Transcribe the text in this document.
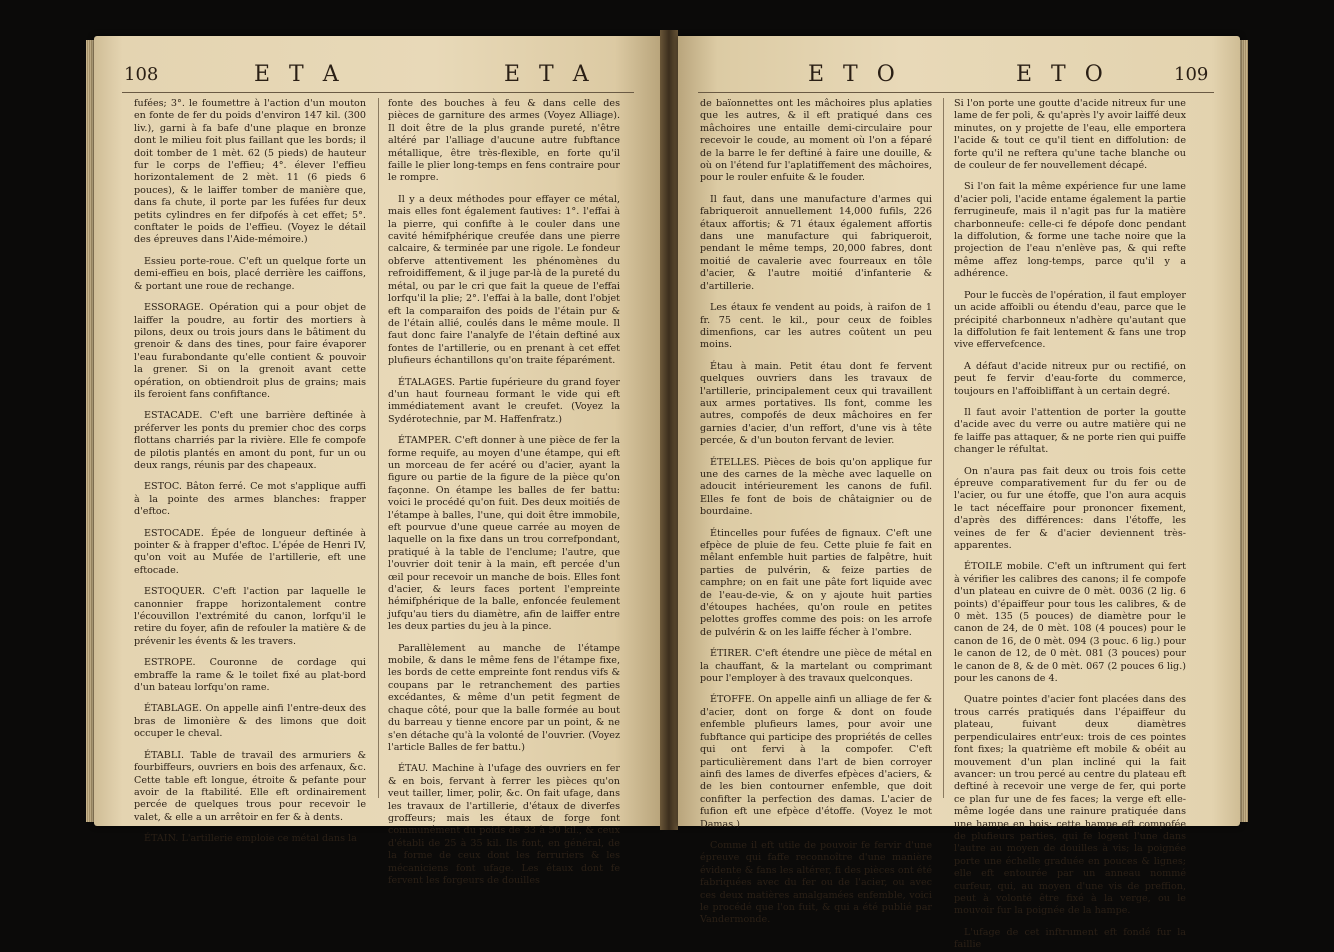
108	E T A	E T A

fufées; 3°. le foumettre à l'action d'un mouton en fonte de fer du poids d'environ 147 kil. (300 liv.), garni à fa bafe d'une plaque en bronze dont le milieu foit plus faillant que les bords; il doit tomber de 1 mèt. 62 (5 pieds) de hauteur fur le corps de l'effieu; 4°. élever l'effieu horizontalement de 2 mèt. 11 (6 pieds 6 pouces), & le laiffer tomber de manière que, dans fa chute, il porte par les fufées fur deux petits cylindres en fer difpofés à cet effet; 5°. conftater le poids de l'effieu. (Voyez le détail des épreuves dans l'Aide-mémoire.)

Essieu porte-roue. C'eft un quelque forte un demi-effieu en bois, placé derrière les caiffons, & portant une roue de rechange.

ESSORAGE. Opération qui a pour objet de laiffer la poudre, au fortir des mortiers à pilons, deux ou trois jours dans le bâtiment du grenoir & dans des tines, pour faire évaporer l'eau furabondante qu'elle contient & pouvoir la grener. Si on la grenoit avant cette opération, on obtiendroit plus de grains; mais ils feroient fans confiftance.

ESTACADE. C'eft une barrière deftinée à préferver les ponts du premier choc des corps flottans charriés par la rivière. Elle fe compofe de pilotis plantés en amont du pont, fur un ou deux rangs, réunis par des chapeaux.

ESTOC. Bâton ferré. Ce mot s'applique auffi à la pointe des armes blanches: frapper d'eftoc.

ESTOCADE. Épée de longueur deftinée à pointer & à frapper d'eftoc. L'épée de Henri IV, qu'on voit au Mufée de l'artillerie, eft une eftocade.

ESTOQUER. C'eft l'action par laquelle le canonnier frappe horizontalement contre l'écouvillon l'extrémité du canon, lorfqu'il le retire du foyer, afin de refouler la matière & de prévenir les évents & les travers.

ESTROPE. Couronne de cordage qui embraffe la rame & le toilet fixé au plat-bord d'un bateau lorfqu'on rame.

ÉTABLAGE. On appelle ainfi l'entre-deux des bras de limonière & des limons que doit occuper le cheval.

ÉTABLI. Table de travail des armuriers & fourbiffeurs, ouvriers en bois des arfenaux, &c. Cette table eft longue, étroite & pefante pour avoir de la ftabilité. Elle eft ordinairement percée de quelques trous pour recevoir le valet, & elle a un arrêtoir en fer & à dents.

ÉTAIN. L'artillerie emploie ce métal dans la

fonte des bouches à feu & dans celle des pièces de garniture des armes (Voyez Alliage). Il doit être de la plus grande pureté, n'être altéré par l'alliage d'aucune autre fubftance métallique, être très-flexible, en forte qu'il faille le plier long-temps en fens contraire pour le rompre.

Il y a deux méthodes pour effayer ce métal, mais elles font également fautives: 1°. l'effai à la pierre, qui confifte à le couler dans une cavité hémifphérique creufée dans une pierre calcaire, & terminée par une rigole. Le fondeur obferve attentivement les phénomènes du refroidiffement, & il juge par-là de la pureté du métal, ou par le cri que fait la queue de l'effai lorfqu'il la plie; 2°. l'effai à la balle, dont l'objet eft la comparaifon des poids de l'étain pur & de l'étain allié, coulés dans le même moule. Il faut donc faire l'analyfe de l'étain deftiné aux fontes de l'artillerie, ou en prenant à cet effet plufieurs échantillons qu'on traite féparément.

ÉTALAGES. Partie fupérieure du grand foyer d'un haut fourneau formant le vide qui eft immédiatement avant le creufet. (Voyez la Sydérotechnie, par M. Haffenfratz.)

ÉTAMPER. C'eft donner à une pièce de fer la forme requife, au moyen d'une étampe, qui eft un morceau de fer acéré ou d'acier, ayant la figure ou partie de la figure de la pièce qu'on façonne. On étampe les balles de fer battu: voici le procédé qu'on fuit. Des deux moitiés de l'étampe à balles, l'une, qui doit être immobile, eft pourvue d'une queue carrée au moyen de laquelle on la fixe dans un trou correfpondant, pratiqué à la table de l'enclume; l'autre, que l'ouvrier doit tenir à la main, eft percée d'un œil pour recevoir un manche de bois. Elles font d'acier, & leurs faces portent l'empreinte hémifphérique de la balle, enfoncée feulement jufqu'au tiers du diamètre, afin de laiffer entre les deux parties du jeu à la pince.

Parallèlement au manche de l'étampe mobile, & dans le même fens de l'étampe fixe, les bords de cette empreinte font rendus vifs & coupans par le retranchement des parties excédantes, & même d'un petit fegment de chaque côté, pour que la balle formée au bout du barreau y tienne encore par un point, & ne s'en détache qu'à la volonté de l'ouvrier. (Voyez l'article Balles de fer battu.)

ÉTAU. Machine à l'ufage des ouvriers en fer & en bois, fervant à ferrer les pièces qu'on veut tailler, limer, polir, &c. On fait ufage, dans les travaux de l'artillerie, d'étaux de diverfes groffeurs; mais les étaux de forge font communément du poids de 33 à 50 kil., & ceux d'établi de 25 à 35 kil. Ils font, en général, de la forme de ceux dont les ferruriers & les mécaniciens font ufage. Les étaux dont fe fervent les forgeurs de douilles

E T O	E T O	109

de baïonnettes ont les mâchoires plus aplaties que les autres, & il eft pratiqué dans ces mâchoires une entaille demi-circulaire pour recevoir le coude, au moment où l'on a féparé de la barre le fer deftiné à faire une douille, & où on l'étend fur l'aplatiffement des mâchoires, pour le rouler enfuite & le fouder.

Il faut, dans une manufacture d'armes qui fabriqueroit annuellement 14,000 fufils, 226 étaux affortis; & 71 étaux également affortis dans une manufacture qui fabriqueroit, pendant le même temps, 20,000 fabres, dont moitié de cavalerie avec fourreaux en tôle d'acier, & l'autre moitié d'infanterie & d'artillerie.

Les étaux fe vendent au poids, à raifon de 1 fr. 75 cent. le kil., pour ceux de foibles dimenfions, car les autres coûtent un peu moins.

Étau à main. Petit étau dont fe fervent quelques ouvriers dans les travaux de l'artillerie, principalement ceux qui travaillent aux armes portatives. Ils font, comme les autres, compofés de deux mâchoires en fer garnies d'acier, d'un reffort, d'une vis à tête percée, & d'un bouton fervant de levier.

ÉTELLES. Pièces de bois qu'on applique fur une des carnes de la mèche avec laquelle on adoucit intérieurement les canons de fufil. Elles fe font de bois de châtaignier ou de bourdaine.

Étincelles pour fufées de fignaux. C'eft une efpèce de pluie de feu. Cette pluie fe fait en mêlant enfemble huit parties de falpêtre, huit parties de pulvérin, & feize parties de camphre; on en fait une pâte fort liquide avec de l'eau-de-vie, & on y ajoute huit parties d'étoupes hachées, qu'on roule en petites pelottes groffes comme des pois: on les arrofe de pulvérin & on les laiffe fécher à l'ombre.

ÉTIRER. C'eft étendre une pièce de métal en la chauffant, & la martelant ou comprimant pour l'employer à des travaux quelconques.

ÉTOFFE. On appelle ainfi un alliage de fer & d'acier, dont on forge & dont on foude enfemble plufieurs lames, pour avoir une fubftance qui participe des propriétés de celles qui ont fervi à la compofer. C'eft particulièrement dans l'art de bien corroyer ainfi des lames de diverfes efpèces d'aciers, & de les bien contourner enfemble, que doit confifter la perfection des damas. L'acier de fufion eft une efpèce d'étoffe. (Voyez le mot Damas.)

Comme il eft utile de pouvoir fe fervir d'une épreuve qui faffe reconnoître d'une manière évidente & fans les altérer, fi des pièces ont été fabriquées avec du fer ou de l'acier, ou avec ces deux matières amalgamées enfemble, voici le procédé que l'on fuit, & qui a été publié par Vandermonde.

Si l'on porte une goutte d'acide nitreux fur une lame de fer poli, & qu'après l'y avoir laiffé deux minutes, on y projette de l'eau, elle emportera l'acide & tout ce qu'il tient en diffolution: de forte qu'il ne reftera qu'une tache blanche ou de couleur de fer nouvellement décapé.

Si l'on fait la même expérience fur une lame d'acier poli, l'acide entame également la partie ferrugineufe, mais il n'agit pas fur la matière charbonneufe: celle-ci fe dépofe donc pendant la diffolution, & forme une tache noire que la projection de l'eau n'enlève pas, & qui refte même affez long-temps, parce qu'il y a adhérence.

Pour le fuccès de l'opération, il faut employer un acide affoibli ou étendu d'eau, parce que le précipité charbonneux n'adhère qu'autant que la diffolution fe fait lentement & fans une trop vive effervefcence.

A défaut d'acide nitreux pur ou rectifié, on peut fe fervir d'eau-forte du commerce, toujours en l'affoibliffant à un certain degré.

Il faut avoir l'attention de porter la goutte d'acide avec du verre ou autre matière qui ne fe laiffe pas attaquer, & ne porte rien qui puiffe changer le réfultat.

On n'aura pas fait deux ou trois fois cette épreuve comparativement fur du fer ou de l'acier, ou fur une étoffe, que l'on aura acquis le tact néceffaire pour prononcer fixement, d'après des différences: dans l'étoffe, les veines de fer & d'acier deviennent très-apparentes.

ÉTOILE mobile. C'eft un inftrument qui fert à vérifier les calibres des canons; il fe compofe d'un plateau en cuivre de 0 mèt. 0036 (2 lig. 6 points) d'épaiffeur pour tous les calibres, & de 0 mèt. 135 (5 pouces) de diamètre pour le canon de 24, de 0 mèt. 108 (4 pouces) pour le canon de 16, de 0 mèt. 094 (3 pouc. 6 lig.) pour le canon de 12, de 0 mèt. 081 (3 pouces) pour le canon de 8, & de 0 mèt. 067 (2 pouces 6 lig.) pour les canons de 4.

Quatre pointes d'acier font placées dans des trous carrés pratiqués dans l'épaiffeur du plateau, fuivant deux diamètres perpendiculaires entr'eux: trois de ces pointes font fixes; la quatrième eft mobile & obéit au mouvement d'un plan incliné qui la fait avancer: un trou percé au centre du plateau eft deftiné à recevoir une verge de fer, qui porte ce plan fur une de fes faces; la verge eft elle-même logée dans une rainure pratiquée dans une hampe en bois: cette hampe eft compofée de plufieurs parties, qui fe logent l'une dans l'autre au moyen de douilles à vis; la poignée porte une échelle graduée en pouces & lignes; elle eft entourée par un anneau nommé curfeur, qui, au moyen d'une vis de preffion, peut à volonté être fixé à la verge, ou le mouvoir fur la poignée de la hampe.

L'ufage de cet inftrument eft fondé fur la faillie
